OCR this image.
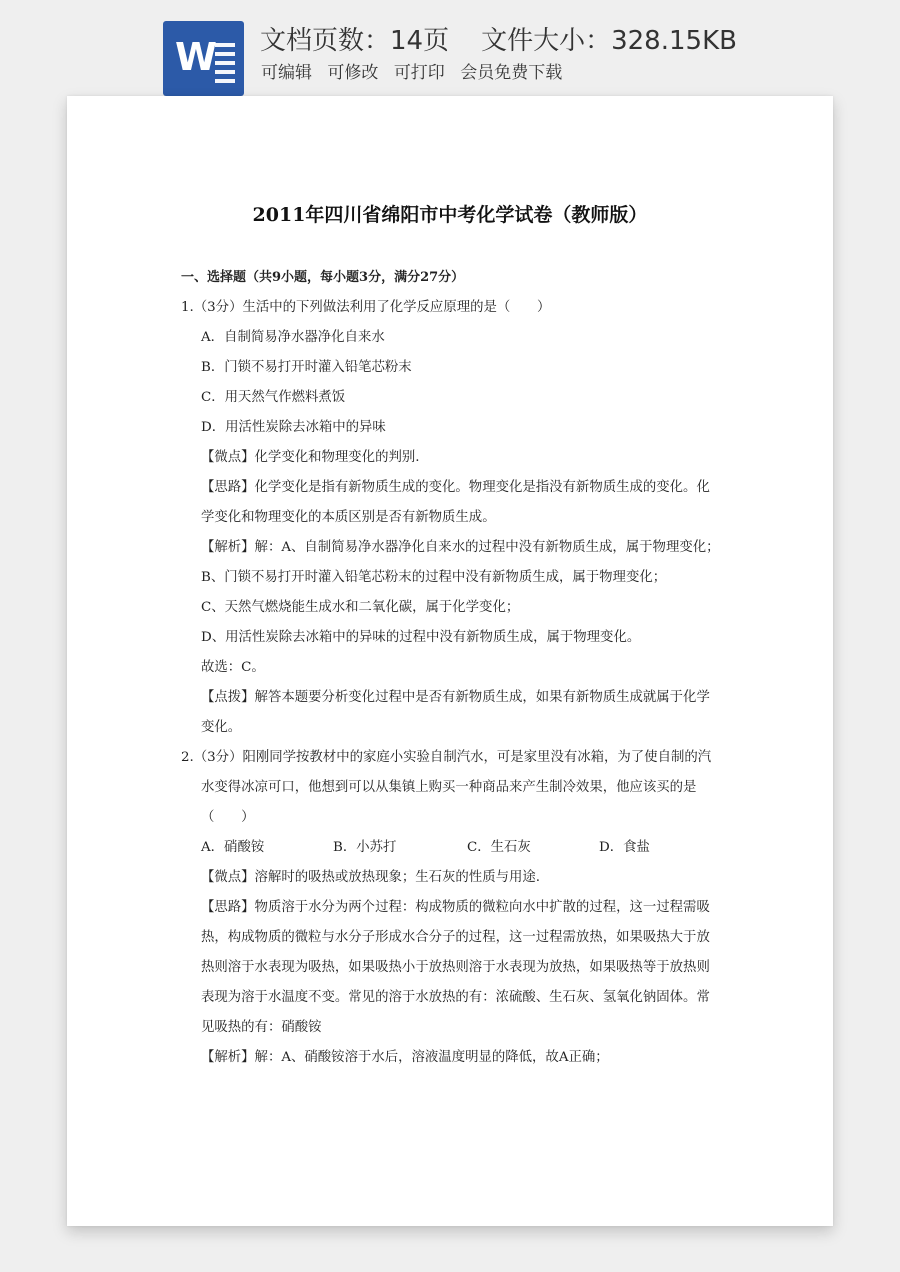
W 文档页数：14页 文件大小：328.15KB
可编辑 可修改 可打印 会员免费下载
2011年四川省绵阳市中考化学试卷（教师版）
一、选择题（共9小题，每小题3分，满分27分）
1.（3分）生活中的下列做法利用了化学反应原理的是（　　）
A．自制简易净水器净化自来水
B．门锁不易打开时灌入铅笔芯粉末
C．用天然气作燃料煮饭
D．用活性炭除去冰箱中的异味
【微点】化学变化和物理变化的判别.
【思路】化学变化是指有新物质生成的变化。物理变化是指没有新物质生成的变化。化
学变化和物理变化的本质区别是否有新物质生成。
【解析】解：A、自制简易净水器净化自来水的过程中没有新物质生成，属于物理变化；
B、门锁不易打开时灌入铅笔芯粉末的过程中没有新物质生成，属于物理变化；
C、天然气燃烧能生成水和二氧化碳，属于化学变化；
D、用活性炭除去冰箱中的异味的过程中没有新物质生成，属于物理变化。
故选：C。
【点拨】解答本题要分析变化过程中是否有新物质生成，如果有新物质生成就属于化学
变化。
2.（3分）阳刚同学按教材中的家庭小实验自制汽水，可是家里没有冰箱，为了使自制的汽
水变得冰凉可口，他想到可以从集镇上购买一种商品来产生制冷效果，他应该买的是
（　　）
A．硝酸铵	B．小苏打	C．生石灰	D．食盐
【微点】溶解时的吸热或放热现象；生石灰的性质与用途.
【思路】物质溶于水分为两个过程：构成物质的微粒向水中扩散的过程，这一过程需吸
热，构成物质的微粒与水分子形成水合分子的过程，这一过程需放热，如果吸热大于放
热则溶于水表现为吸热，如果吸热小于放热则溶于水表现为放热，如果吸热等于放热则
表现为溶于水温度不变。常见的溶于水放热的有：浓硫酸、生石灰、氢氧化钠固体。常
见吸热的有：硝酸铵
【解析】解：A、硝酸铵溶于水后，溶液温度明显的降低，故A正确；
